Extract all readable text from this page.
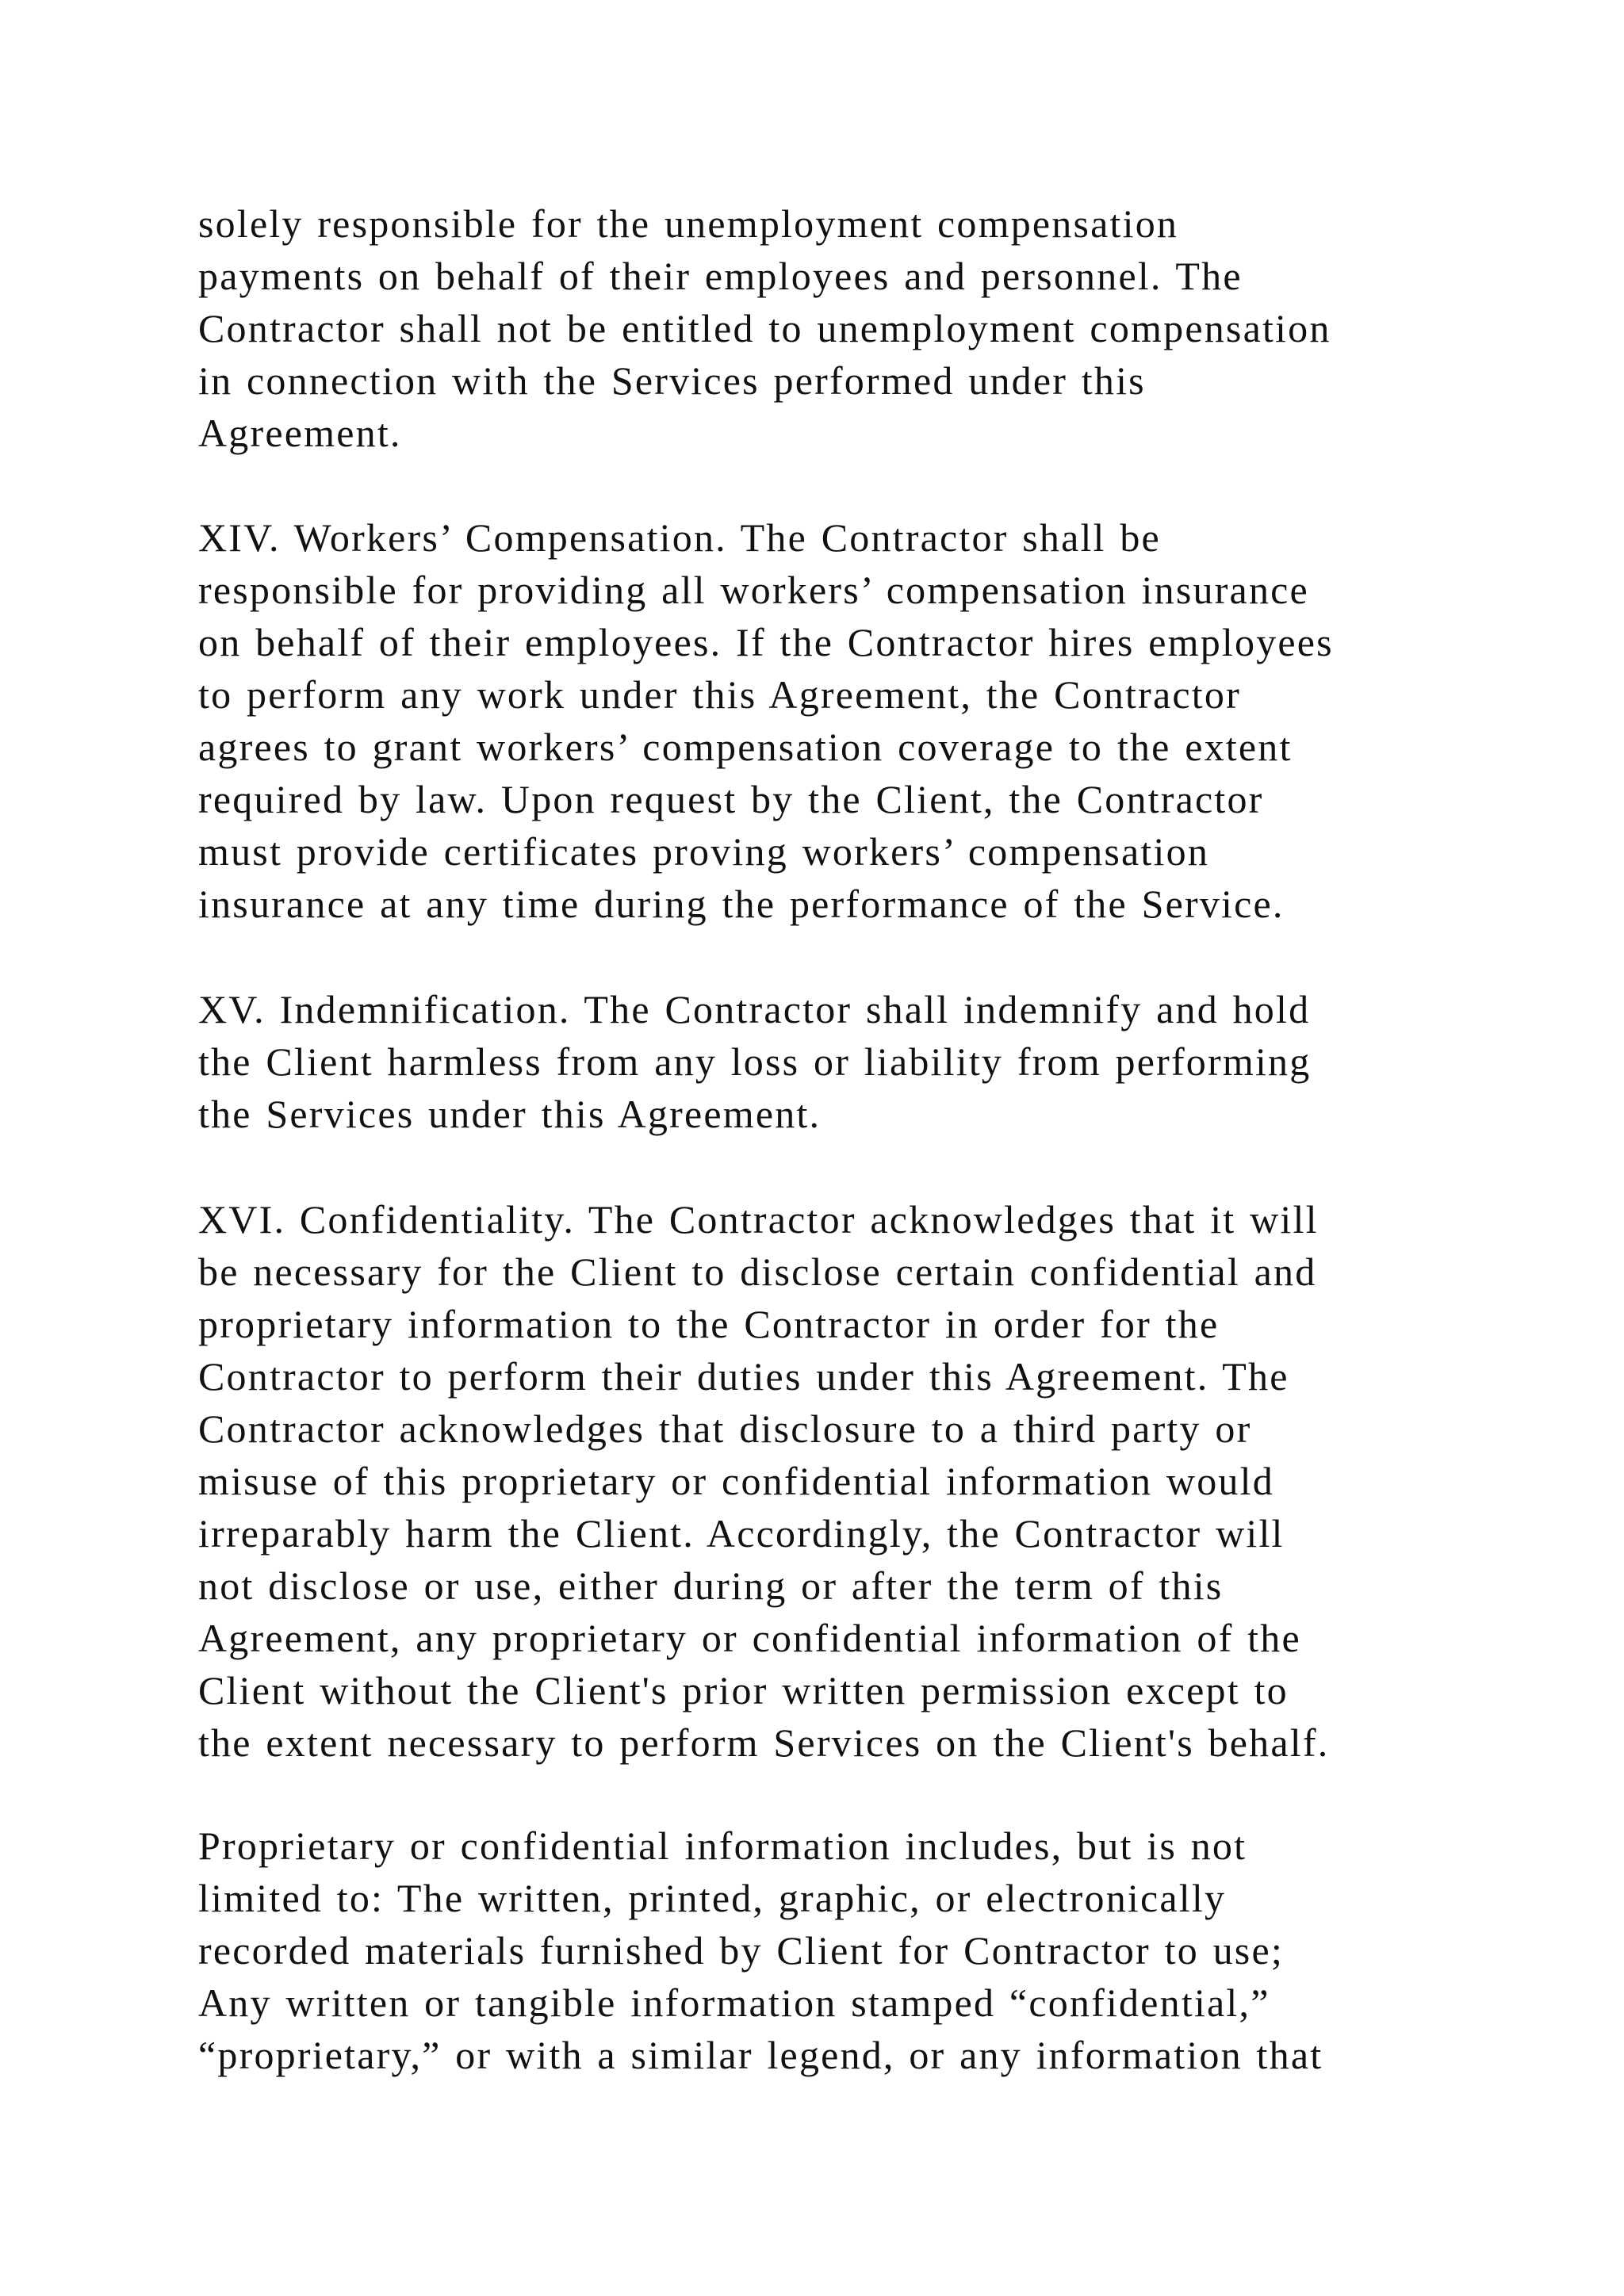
solely responsible for the unemployment compensation
payments on behalf of their employees and personnel. The
Contractor shall not be entitled to unemployment compensation
in connection with the Services performed under this
Agreement.
XIV. Workers’ Compensation. The Contractor shall be
responsible for providing all workers’ compensation insurance
on behalf of their employees. If the Contractor hires employees
to perform any work under this Agreement, the Contractor
agrees to grant workers’ compensation coverage to the extent
required by law. Upon request by the Client, the Contractor
must provide certificates proving workers’ compensation
insurance at any time during the performance of the Service.
XV. Indemnification. The Contractor shall indemnify and hold
the Client harmless from any loss or liability from performing
the Services under this Agreement.
XVI. Confidentiality. The Contractor acknowledges that it will
be necessary for the Client to disclose certain confidential and
proprietary information to the Contractor in order for the
Contractor to perform their duties under this Agreement. The
Contractor acknowledges that disclosure to a third party or
misuse of this proprietary or confidential information would
irreparably harm the Client. Accordingly, the Contractor will
not disclose or use, either during or after the term of this
Agreement, any proprietary or confidential information of the
Client without the Client's prior written permission except to
the extent necessary to perform Services on the Client's behalf.
Proprietary or confidential information includes, but is not
limited to: The written, printed, graphic, or electronically
recorded materials furnished by Client for Contractor to use;
Any written or tangible information stamped “confidential,”
“proprietary,” or with a similar legend, or any information that
